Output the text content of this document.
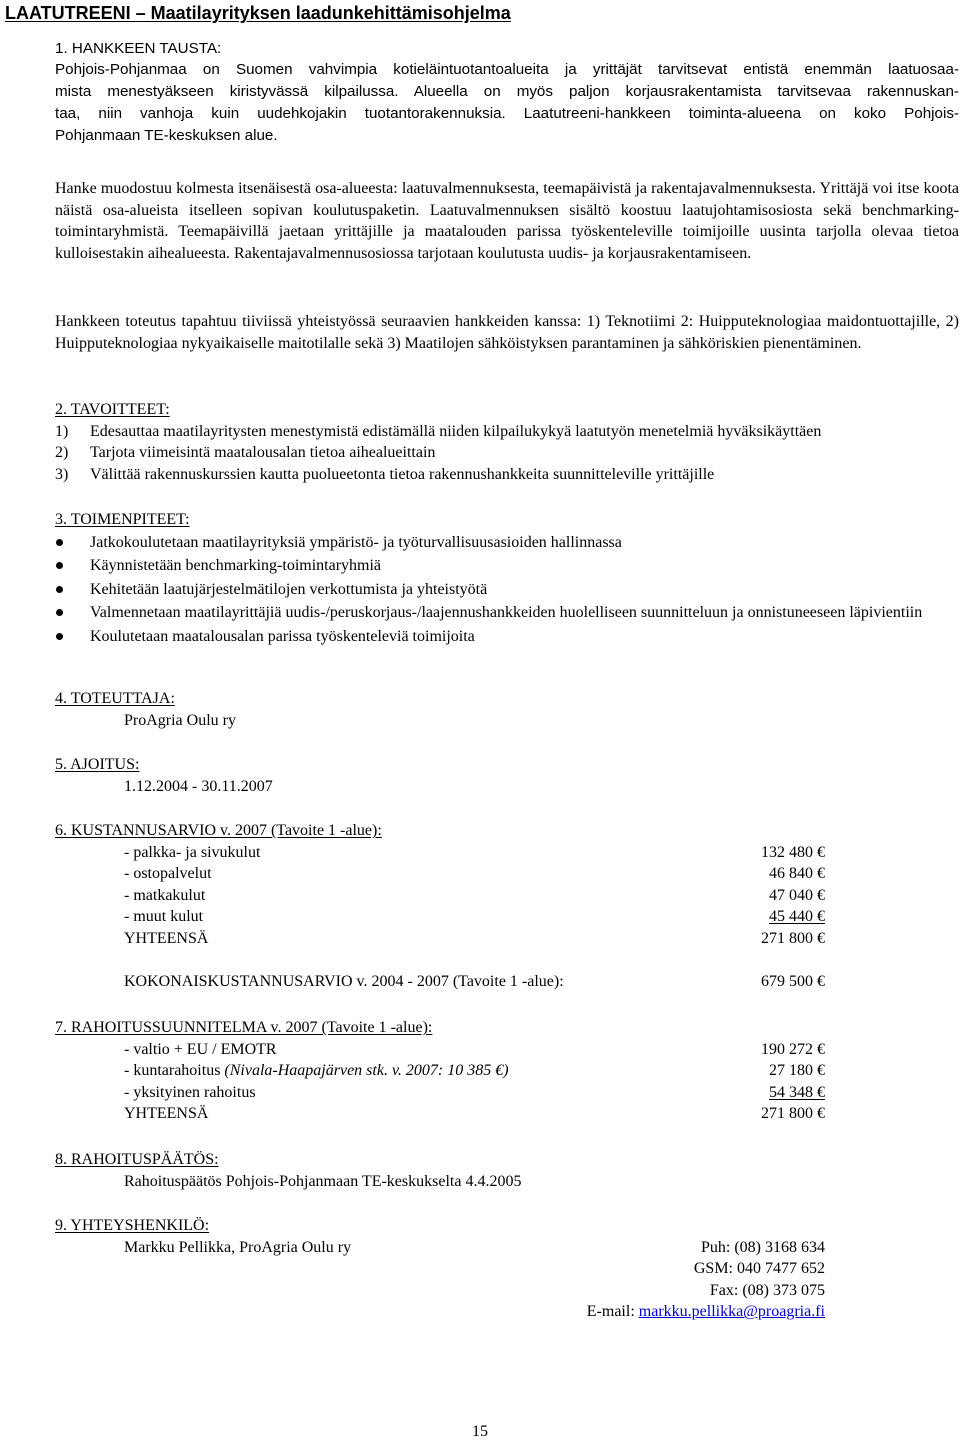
LAATUTREENI – Maatilayrityksen laadunkehittämisohjelma
1. HANKKEEN TAUSTA:
Pohjois-Pohjanmaa on Suomen vahvimpia kotieläintuotantoalueita ja yrittäjät tarvitsevat entistä enemmän laatuosaa-
mista menestyäkseen kiristyvässä kilpailussa. Alueella on myös paljon korjausrakentamista tarvitsevaa rakennuskan-
taa, niin vanhoja kuin uudehkojakin tuotantorakennuksia. Laatutreeni-hankkeen toiminta-alueena on koko Pohjois-
Pohjanmaan TE-keskuksen alue.

Hanke muodostuu kolmesta itsenäisestä osa-alueesta: laatuvalmennuksesta, teemapäivistä ja rakentajavalmennuksesta. Yrittäjä voi itse koota näistä osa-alueista itselleen sopivan koulutuspaketin. Laatuvalmennuksen sisältö koostuu laatujohtamisosiosta sekä benchmarking-toimintaryhmistä. Teemapäivillä jaetaan yrittäjille ja maatalouden parissa työskenteleville toimijoille uusinta tarjolla olevaa tietoa kulloisestakin aihealueesta. Rakentajavalmennusosiossa tarjotaan koulutusta uudis- ja korjausrakentamiseen.

Hankkeen toteutus tapahtuu tiiviissä yhteistyössä seuraavien hankkeiden kanssa: 1) Teknotiimi 2: Huipputeknologiaa maidontuottajille, 2) Huipputeknologiaa nykyaikaiselle maitotilalle sekä 3) Maatilojen sähköistyksen parantaminen ja sähköriskien pienentäminen.

2. TAVOITTEET:
1) Edesauttaa maatilayritysten menestymistä edistämällä niiden kilpailukykyä laatutyön menetelmiä hyväksikäyttäen
2) Tarjota viimeisintä maatalousalan tietoa aihealueittain
3) Välittää rakennuskurssien kautta puolueetonta tietoa rakennushankkeita suunnitteleville yrittäjille
3. TOIMENPITEET:
Jatkokoulutetaan maatilayrityksiä ympäristö- ja työturvallisuusasioiden hallinnassa
Käynnistetään benchmarking-toimintaryhmiä
Kehitetään laatujärjestelmätilojen verkottumista ja yhteistyötä
Valmennetaan maatilayrittäjiä uudis-/peruskorjaus-/laajennushankkeiden huolelliseen suunnitteluun ja onnistuneeseen läpivientiin
Koulutetaan maatalousalan parissa työskenteleviä toimijoita
4. TOTEUTTAJA:
ProAgria Oulu ry
5. AJOITUS:
1.12.2004 - 30.11.2007
6. KUSTANNUSARVIO v. 2007 (Tavoite 1 -alue):
- palkka- ja sivukulut	132 480 €
- ostopalvelut	46 840 €
- matkakulut	47 040 €
- muut kulut	45 440 €
YHTEENSÄ	271 800 €
KOKONAISKUSTANNUSARVIO v. 2004 - 2007 (Tavoite 1 -alue):	679 500 €
7. RAHOITUSSUUNNITELMA v. 2007 (Tavoite 1 -alue):
- valtio + EU / EMOTR	190 272 €
- kuntarahoitus (Nivala-Haapajärven stk. v. 2007: 10 385 €)	27 180 €
- yksityinen rahoitus	54 348 €
YHTEENSÄ	271 800 €
8. RAHOITUSPÄÄTÖS:
Rahoituspäätös Pohjois-Pohjanmaan TE-keskukselta 4.4.2005
9. YHTEYSHENKILÖ:
Markku Pellikka, ProAgria Oulu ry	Puh: (08) 3168 634
GSM: 040 7477 652
Fax: (08) 373 075
E-mail: markku.pellikka@proagria.fi
15
